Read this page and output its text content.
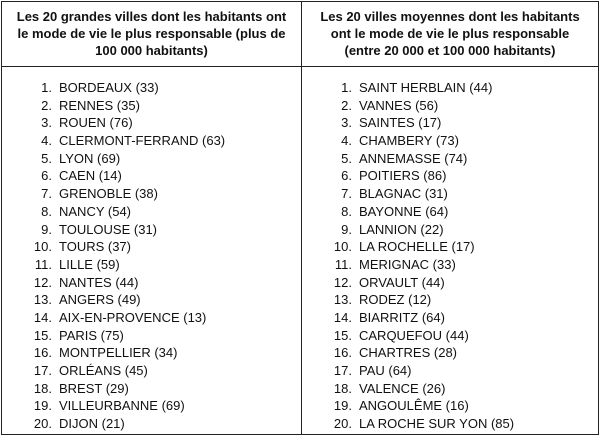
Les 20 grandes villes dont les habitants ont
le mode de vie le plus responsable (plus de
100 000 habitants)
1. BORDEAUX (33)
2. RENNES (35)
3. ROUEN (76)
4. CLERMONT-FERRAND (63)
5. LYON (69)
6. CAEN (14)
7. GRENOBLE (38)
8. NANCY (54)
9. TOULOUSE (31)
10. TOURS (37)
11. LILLE (59)
12. NANTES (44)
13. ANGERS (49)
14. AIX-EN-PROVENCE (13)
15. PARIS (75)
16. MONTPELLIER (34)
17. ORLÉANS (45)
18. BREST (29)
19. VILLEURBANNE (69)
20. DIJON (21)
Les 20 villes moyennes dont les habitants
ont le mode de vie le plus responsable
(entre 20 000 et 100 000 habitants)
1. SAINT HERBLAIN (44)
2. VANNES (56)
3. SAINTES (17)
4. CHAMBERY (73)
5. ANNEMASSE (74)
6. POITIERS (86)
7. BLAGNAC (31)
8. BAYONNE (64)
9. LANNION (22)
10. LA ROCHELLE (17)
11. MERIGNAC (33)
12. ORVAULT (44)
13. RODEZ (12)
14. BIARRITZ (64)
15. CARQUEFOU (44)
16. CHARTRES (28)
17. PAU (64)
18. VALENCE (26)
19. ANGOULÊME (16)
20. LA ROCHE SUR YON (85)
